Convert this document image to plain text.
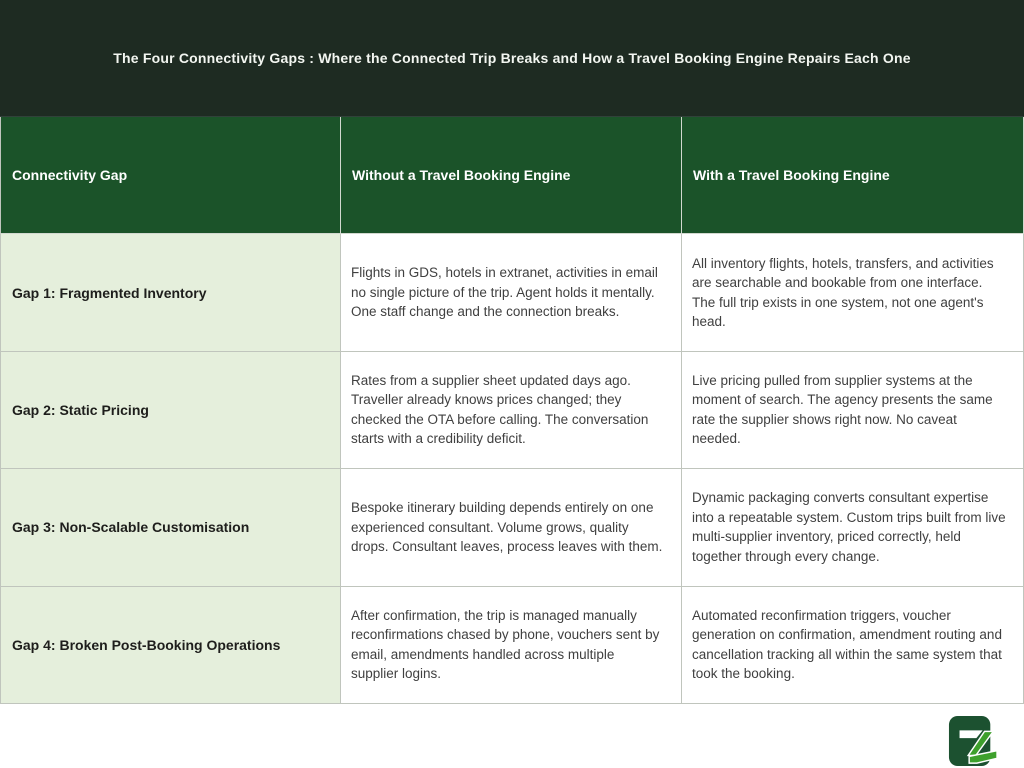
The Four Connectivity Gaps : Where the Connected Trip Breaks and How a Travel Booking Engine Repairs Each One
Connectivity Gap	Without a Travel Booking Engine	With a Travel Booking Engine
Gap 1: Fragmented Inventory
Flights in GDS, hotels in extranet, activities in email no single picture of the trip. Agent holds it mentally. One staff change and the connection breaks.
All inventory flights, hotels, transfers, and activities are searchable and bookable from one interface. The full trip exists in one system, not one agent's head.
Gap 2: Static Pricing
Rates from a supplier sheet updated days ago. Traveller already knows prices changed; they checked the OTA before calling. The conversation starts with a credibility deficit.
Live pricing pulled from supplier systems at the moment of search. The agency presents the same rate the supplier shows right now. No caveat needed.
Gap 3: Non-Scalable Customisation
Bespoke itinerary building depends entirely on one experienced consultant. Volume grows, quality drops. Consultant leaves, process leaves with them.
Dynamic packaging converts consultant expertise into a repeatable system. Custom trips built from live multi-supplier inventory, priced correctly, held together through every change.
Gap 4: Broken Post-Booking Operations
After confirmation, the trip is managed manually reconfirmations chased by phone, vouchers sent by email, amendments handled across multiple supplier logins.
Automated reconfirmation triggers, voucher generation on confirmation, amendment routing and cancellation tracking all within the same system that took the booking.
